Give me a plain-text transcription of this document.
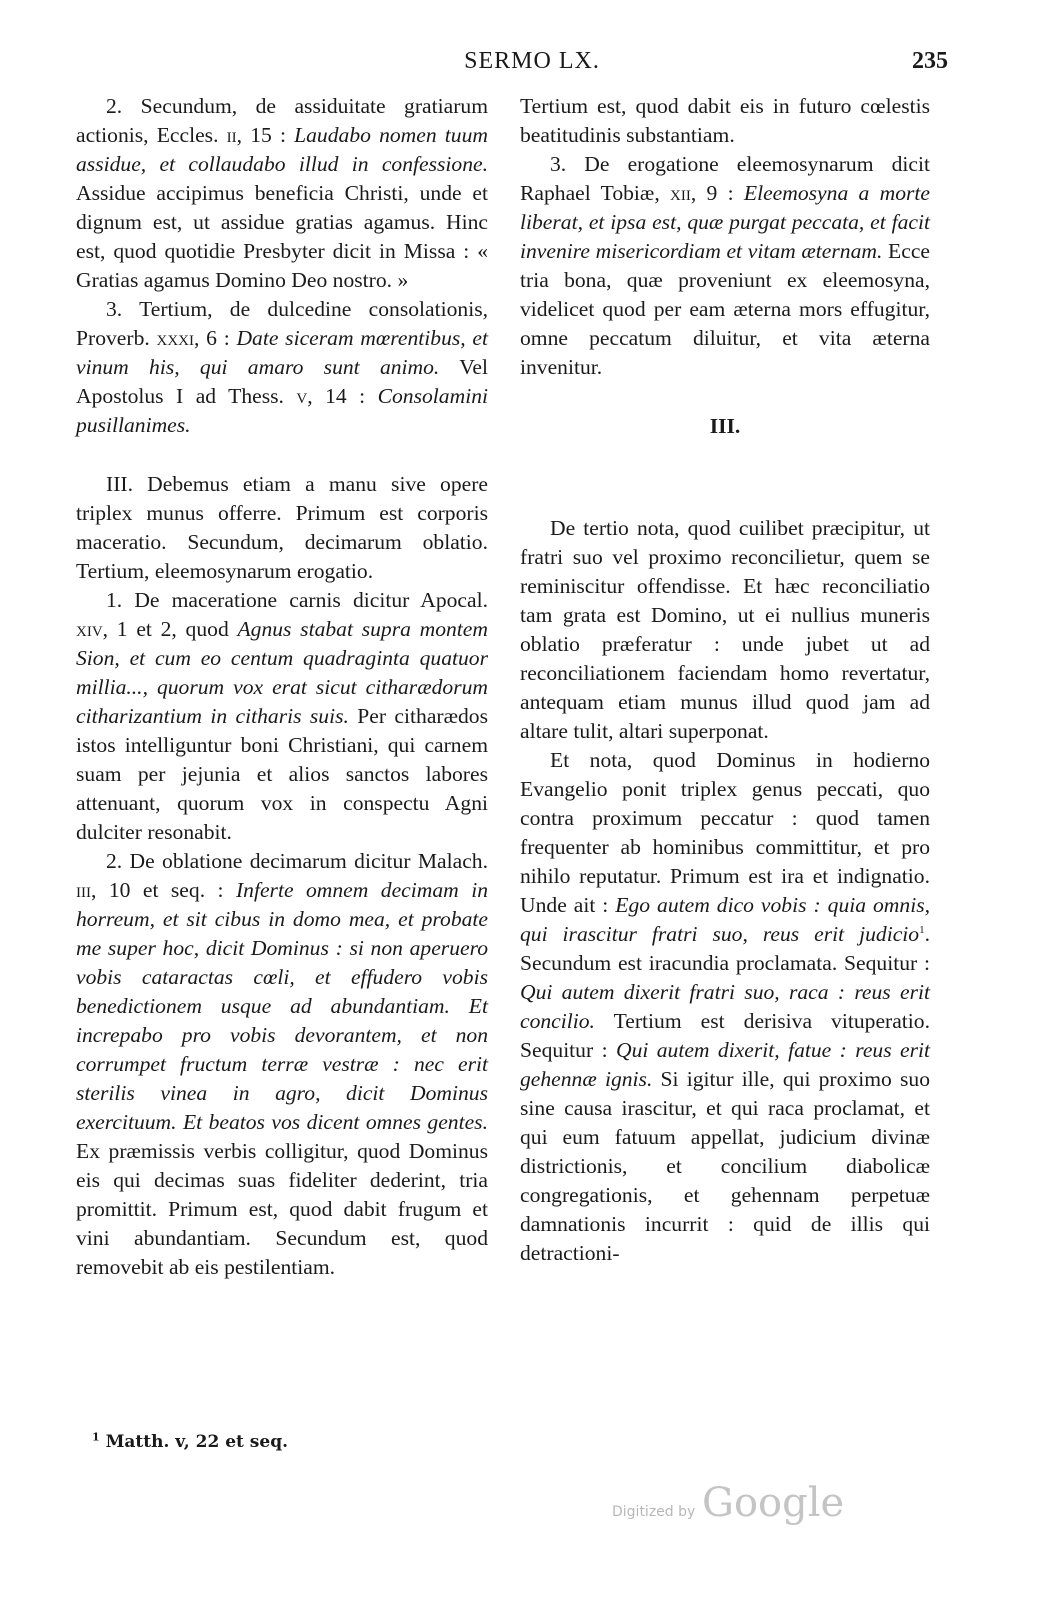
SERMO LX.	235

2. Secundum, de assiduitate gratiarum actionis, Eccles. ii, 15 : Laudabo nomen tuum assidue, et collaudabo illud in confessione. Assidue accipimus beneficia Christi, unde et dignum est, ut assidue gratias agamus. Hinc est, quod quotidie Presbyter dicit in Missa : « Gratias agamus Domino Deo nostro. »

3. Tertium, de dulcedine consolationis, Proverb. xxxi, 6 : Date siceram mœrentibus, et vinum his, qui amaro sunt animo. Vel Apostolus I ad Thess. v, 14 : Consolamini pusillanimes.

III. Debemus etiam a manu sive opere triplex munus offerre. Primum est corporis maceratio. Secundum, decimarum oblatio. Tertium, eleemosynarum erogatio.

1. De maceratione carnis dicitur Apocal. xiv, 1 et 2, quod Agnus stabat supra montem Sion, et cum eo centum quadraginta quatuor millia..., quorum vox erat sicut citharædorum citharizantium in citharis suis. Per citharædos istos intelliguntur boni Christiani, qui carnem suam per jejunia et alios sanctos labores attenuant, quorum vox in conspectu Agni dulciter resonabit.

2. De oblatione decimarum dicitur Malach. iii, 10 et seq. : Inferte omnem decimam in horreum, et sit cibus in domo mea, et probate me super hoc, dicit Dominus : si non aperuero vobis cataractas cœli, et effudero vobis benedictionem usque ad abundantiam. Et increpabo pro vobis devorantem, et non corrumpet fructum terræ vestræ : nec erit sterilis vinea in agro, dicit Dominus exercituum. Et beatos vos dicent omnes gentes. Ex præmissis verbis colligitur, quod Dominus eis qui decimas suas fideliter dederint, tria promittit. Primum est, quod dabit frugum et vini abundantiam. Secundum est, quod removebit ab eis pestilentiam.

Tertium est, quod dabit eis in futuro cœlestis beatitudinis substantiam.

3. De erogatione eleemosynarum dicit Raphael Tobiæ, xii, 9 : Eleemosyna a morte liberat, et ipsa est, quæ purgat peccata, et facit invenire misericordiam et vitam æternam. Ecce tria bona, quæ proveniunt ex eleemosyna, videlicet quod per eam æterna mors effugitur, omne peccatum diluitur, et vita æterna invenitur.

III.

De tertio nota, quod cuilibet præcipitur, ut fratri suo vel proximo reconcilietur, quem se reminiscitur offendisse. Et hæc reconciliatio tam grata est Domino, ut ei nullius muneris oblatio præferatur : unde jubet ut ad reconciliationem faciendam homo revertatur, antequam etiam munus illud quod jam ad altare tulit, altari superponat.

Et nota, quod Dominus in hodierno Evangelio ponit triplex genus peccati, quo contra proximum peccatur : quod tamen frequenter ab hominibus committitur, et pro nihilo reputatur. Primum est ira et indignatio. Unde ait : Ego autem dico vobis : quia omnis, qui irascitur fratri suo, reus erit judicio$^1$. Secundum est iracundia proclamata. Sequitur : Qui autem dixerit fratri suo, raca : reus erit concilio. Tertium est derisiva vituperatio. Sequitur : Qui autem dixerit, fatue : reus erit gehennæ ignis. Si igitur ille, qui proximo suo sine causa irascitur, et qui raca proclamat, et qui eum fatuum appellat, judicium divinæ districtionis, et concilium diabolicæ congregationis, et gehennam perpetuæ damnationis incurrit : quid de illis qui detractioni-

$^1$ Matth. v, 22 et seq.
Digitized by Google
